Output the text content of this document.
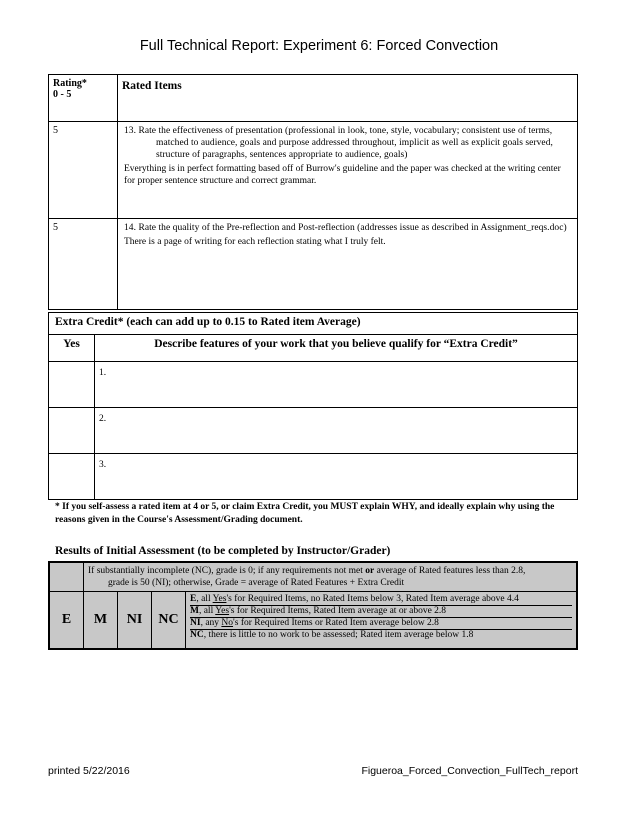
Full Technical Report: Experiment 6: Forced Convection
Rating*
0 - 5	Rated Items
5	13. Rate the effectiveness of presentation (professional in look, tone, style, vocabulary; consistent use of terms, matched to audience, goals and purpose addressed throughout, implicit as well as explicit goals served, structure of paragraphs, sentences appropriate to audience, goals)
Everything is in perfect formatting based off of Burrow's guideline and the paper was checked at the writing center for proper sentence structure and correct grammar.

5	14. Rate the quality of the Pre-reflection and Post-reflection (addresses issue as described in Assignment_reqs.doc)
There is a page of writing for each reflection stating what I truly felt.
Extra Credit* (each can add up to 0.15 to Rated item Average)	
Yes	Describe features of your work that you believe qualify for “Extra Credit”
	1.
	2.
	3.
* If you self-assess a rated item at 4 or 5, or claim Extra Credit, you MUST explain WHY, and ideally explain why using the reasons given in the Course's Assessment/Grading document.
Results of Initial Assessment (to be completed by Instructor/Grader)

	If substantially incomplete (NC), grade is 0; if any requirements not met or average of Rated features less than 2.8,
grade is 50 (NI); otherwise, Grade = average of Rated Features + Extra Credit			

E	M	NI	NC	E, all Yes's for Required Items, no Rated Items below 3, Rated Item average above 4.4
M, all Yes's for Required Items, Rated Item average at or above 2.8
NI, any No's for Required Items or Rated Item average below 2.8
NC, there is little to no work to be assessed; Rated item average below 1.8
printed 5/22/2016	Figueroa_Forced_Convection_FullTech_report
